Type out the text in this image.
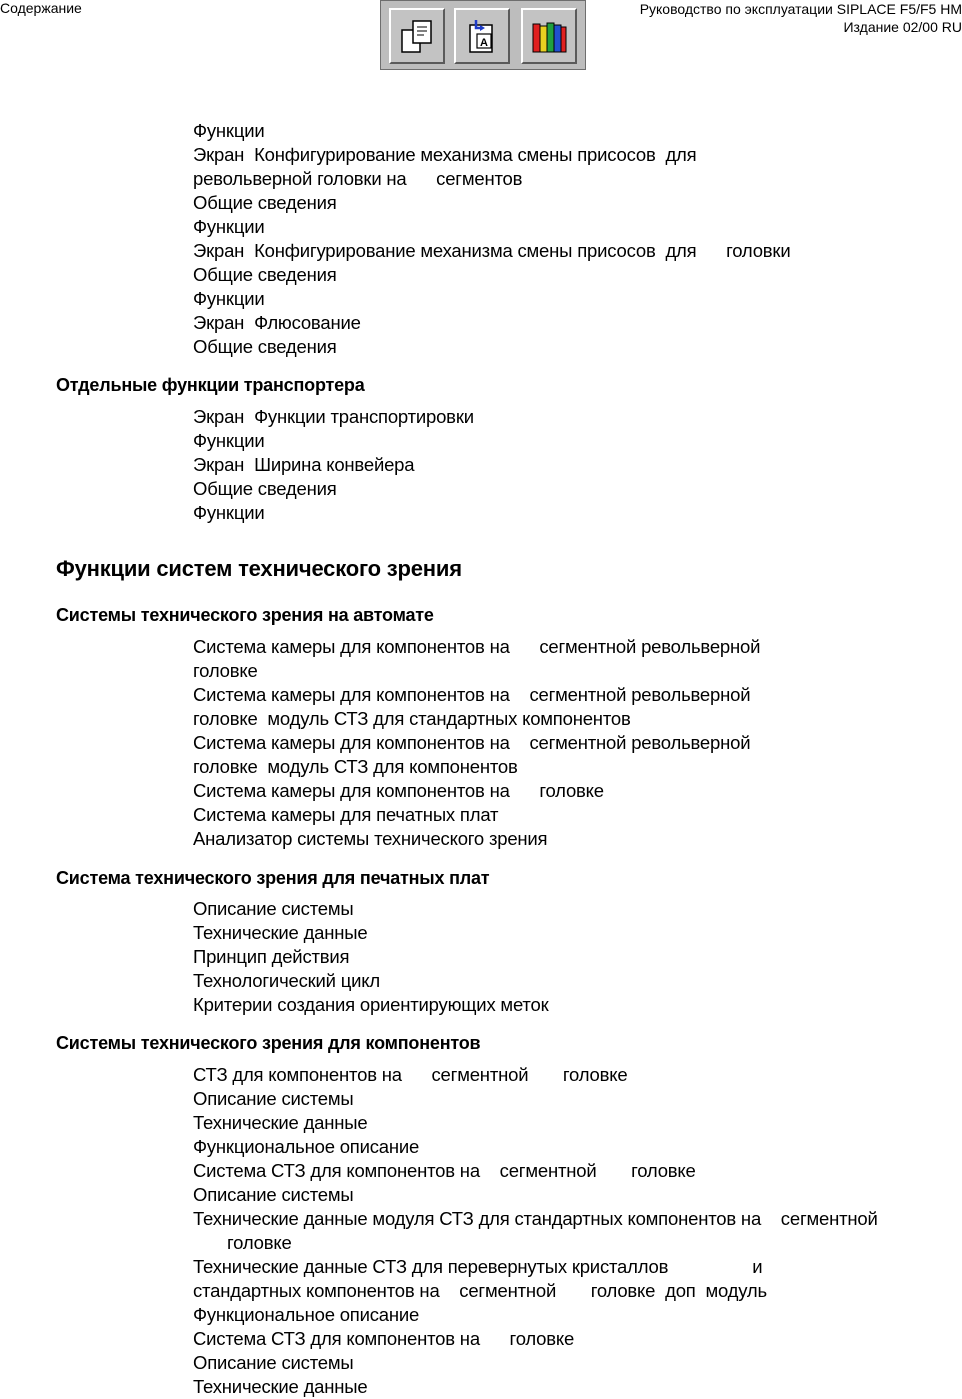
Содержание
A
Руководство по эксплуатации SIPLACE F5/F5 HM
Издание 02/00 RU
Функции
Экран  Конфигурирование механизма смены присосов  для
револьверной головки на      сегментов
Общие сведения
Функции
Экран  Конфигурирование механизма смены присосов  для      головки
Общие сведения
Функции
Экран  Флюсование
Общие сведения
Отдельные функции транспортера
Экран  Функции транспортировки
Функции
Экран  Ширина конвейера
Общие сведения
Функции
Функции систем технического зрения
Системы технического зрения на автомате
Система камеры для компонентов на      сегментной револьверной
головке
Система камеры для компонентов на    сегментной револьверной
головке  модуль СТЗ для стандартных компонентов
Система камеры для компонентов на    сегментной револьверной
головке  модуль СТЗ для компонентов
Система камеры для компонентов на      головке
Система камеры для печатных плат
Анализатор системы технического зрения
Система технического зрения для печатных плат
Описание системы
Технические данные
Принцип действия
Технологический цикл
Критерии создания ориентирующих меток
Системы технического зрения для компонентов
СТЗ для компонентов на      сегментной       головке
Описание системы
Технические данные
Функциональное описание
Система СТЗ для компонентов на    сегментной       головке
Описание системы
Технические данные модуля СТЗ для стандартных компонентов на    сегментной
головке
Технические данные СТЗ для перевернутых кристаллов                 и
стандартных компонентов на    сегментной       головке  доп  модуль
Функциональное описание
Система СТЗ для компонентов на      головке
Описание системы
Технические данные
